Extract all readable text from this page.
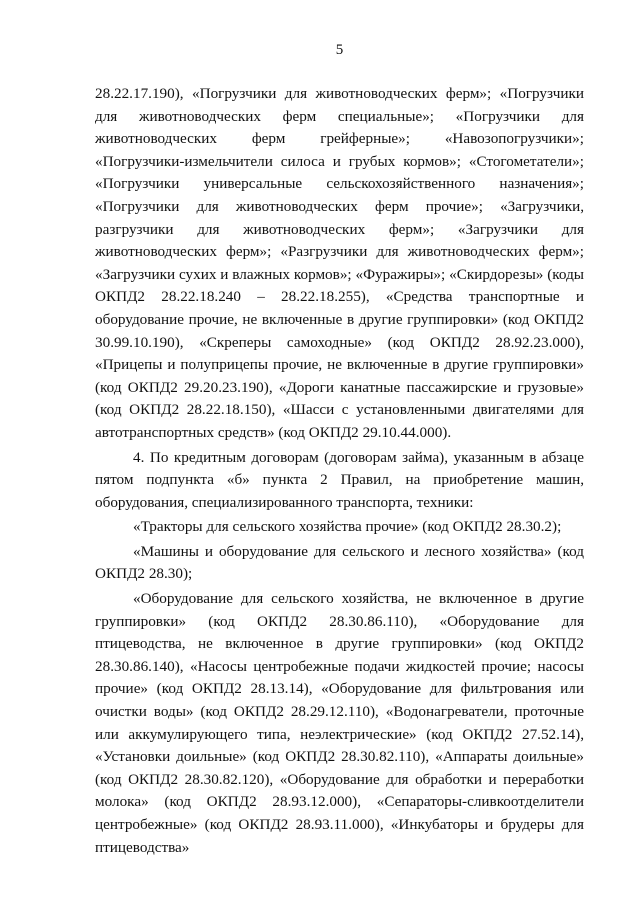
5

28.22.17.190), «Погрузчики для животноводческих ферм»; «Погрузчики для животноводческих ферм специальные»; «Погрузчики для животноводческих ферм грейферные»; «Навозопогрузчики»; «Погрузчики-измельчители силоса и грубых кормов»; «Стогометатели»; «Погрузчики универсальные сельскохозяйственного назначения»; «Погрузчики для животноводческих ферм прочие»; «Загрузчики, разгрузчики для животноводческих ферм»; «Загрузчики для животноводческих ферм»; «Разгрузчики для животноводческих ферм»; «Загрузчики сухих и влажных кормов»; «Фуражиры»; «Скирдорезы» (коды ОКПД2 28.22.18.240 – 28.22.18.255), «Средства транспортные и оборудование прочие, не включенные в другие группировки» (код ОКПД2 30.99.10.190), «Скреперы самоходные» (код ОКПД2 28.92.23.000), «Прицепы и полуприцепы прочие, не включенные в другие группировки» (код ОКПД2 29.20.23.190), «Дороги канатные пассажирские и грузовые» (код ОКПД2 28.22.18.150), «Шасси с установленными двигателями для автотранспортных средств» (код ОКПД2 29.10.44.000).

4. По кредитным договорам (договорам займа), указанным в абзаце пятом подпункта «б» пункта 2 Правил, на приобретение машин, оборудования, специализированного транспорта, техники:

«Тракторы для сельского хозяйства прочие» (код ОКПД2 28.30.2);

«Машины и оборудование для сельского и лесного хозяйства» (код ОКПД2 28.30);

«Оборудование для сельского хозяйства, не включенное в другие группировки» (код ОКПД2 28.30.86.110), «Оборудование для птицеводства, не включенное в другие группировки» (код ОКПД2 28.30.86.140), «Насосы центробежные подачи жидкостей прочие; насосы прочие» (код ОКПД2 28.13.14), «Оборудование для фильтрования или очистки воды» (код ОКПД2 28.29.12.110), «Водонагреватели, проточные или аккумулирующего типа, неэлектрические» (код ОКПД2 27.52.14), «Установки доильные» (код ОКПД2 28.30.82.110), «Аппараты доильные» (код ОКПД2 28.30.82.120), «Оборудование для обработки и переработки молока» (код ОКПД2 28.93.12.000), «Сепараторы-сливкоотделители центробежные» (код ОКПД2 28.93.11.000), «Инкубаторы и брудеры для птицеводства»
